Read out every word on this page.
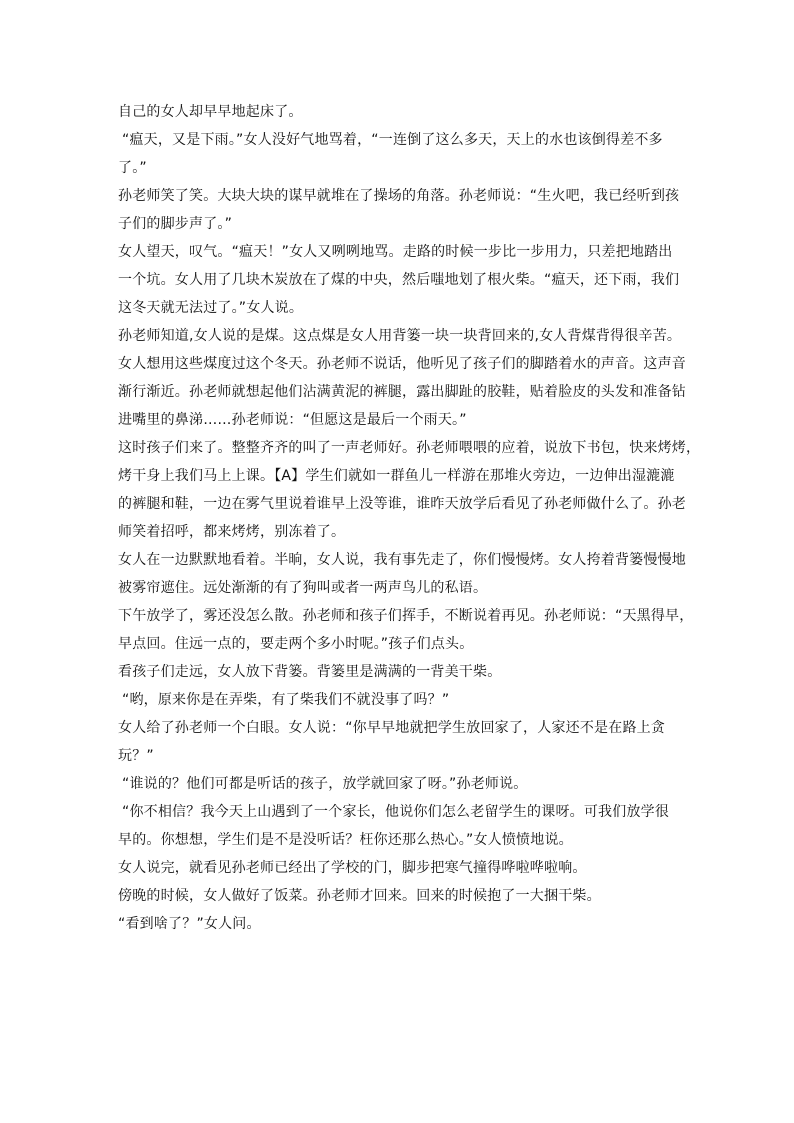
自己的女人却早早地起床了。
“瘟天，又是下雨。”女人没好气地骂着，“一连倒了这么多天，天上的水也该倒得差不多
了。”
孙老师笑了笑。大块大块的谋早就堆在了操场的角落。孙老师说：“生火吧，我已经听到孩
子们的脚步声了。”
女人望天，叹气。“瘟天！”女人又咧咧地骂。走路的时候一步比一步用力，只差把地踏出
一个坑。女人用了几块木炭放在了煤的中央，然后嗤地划了根火柴。“瘟天，还下雨，我们
这冬天就无法过了。”女人说。
孙老师知道,女人说的是煤。这点煤是女人用背篓一块一块背回来的,女人背煤背得很辛苦。
女人想用这些煤度过这个冬天。孙老师不说话，他听见了孩子们的脚踏着水的声音。这声音
渐行渐近。孙老师就想起他们沾满黄泥的裤腿，露出脚趾的胶鞋，贴着脸皮的头发和准备钻
进嘴里的鼻涕……孙老师说：“但愿这是最后一个雨天。”
这时孩子们来了。整整齐齐的叫了一声老师好。孙老师喂喂的应着，说放下书包，快来烤烤，
烤干身上我们马上上课。【A】学生们就如一群鱼儿一样游在那堆火旁边，一边伸出湿漉漉
的裤腿和鞋，一边在雾气里说着谁早上没等谁，谁昨天放学后看见了孙老师做什么了。孙老
师笑着招呼，都来烤烤，别冻着了。
女人在一边默默地看着。半晌，女人说，我有事先走了，你们慢慢烤。女人挎着背篓慢慢地
被雾帘遮住。远处渐渐的有了狗叫或者一两声鸟儿的私语。
下午放学了，雾还没怎么散。孙老师和孩子们挥手，不断说着再见。孙老师说：“天黑得早，
早点回。住远一点的，要走两个多小时呢。”孩子们点头。
看孩子们走远，女人放下背篓。背篓里是满满的一背美干柴。
“哟，原来你是在弄柴，有了柴我们不就没事了吗？”
女人给了孙老师一个白眼。女人说：“你早早地就把学生放回家了，人家还不是在路上贪
玩？”
“谁说的？他们可都是听话的孩子，放学就回家了呀。”孙老师说。
“你不相信？我今天上山遇到了一个家长，他说你们怎么老留学生的课呀。可我们放学很
早的。你想想，学生们是不是没听话？枉你还那么热心。”女人愤愤地说。
女人说完，就看见孙老师已经出了学校的门，脚步把寒气撞得哗啦哗啦响。
傍晚的时候，女人做好了饭菜。孙老师才回来。回来的时候抱了一大捆干柴。
“看到啥了？”女人问。
